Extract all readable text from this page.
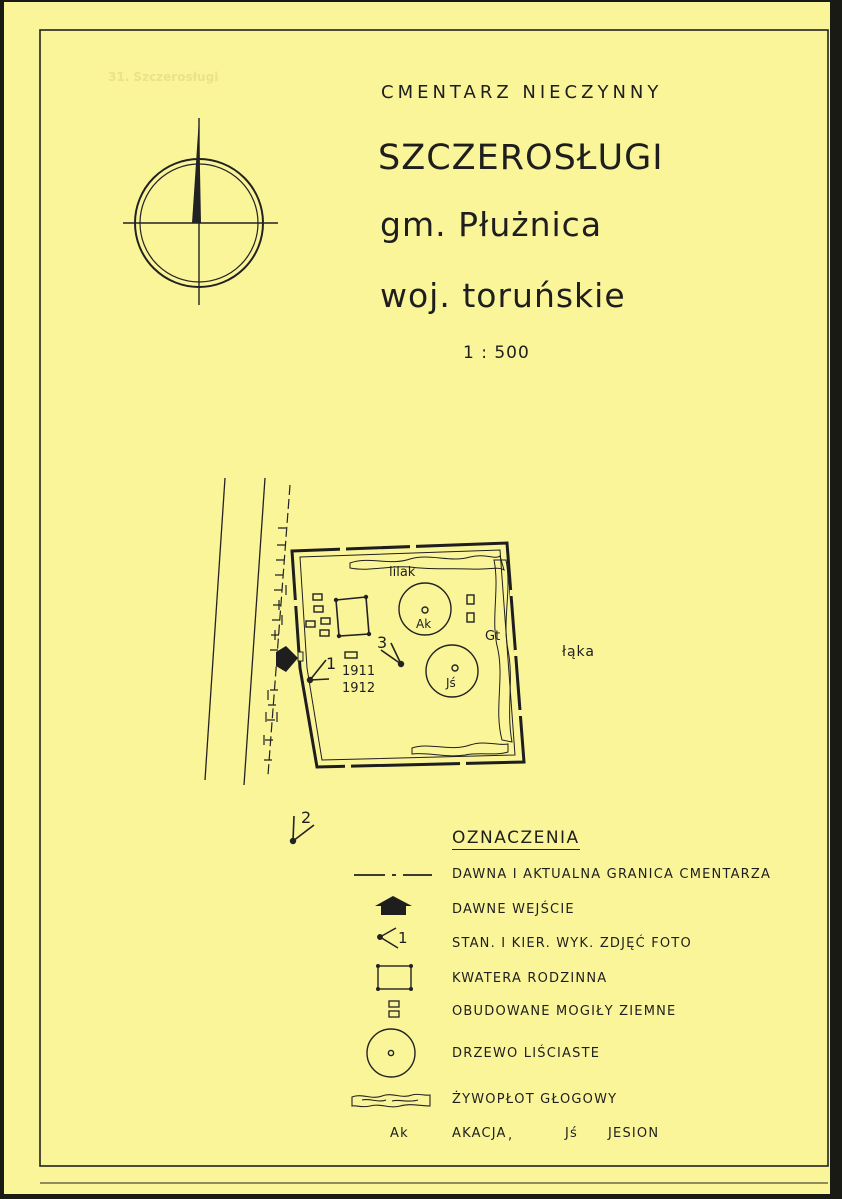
31. Szczerosługi
CMENTARZ NIECZYNNY
SZCZEROSŁUGI
gm. Płużnica
woj. toruńskie
1 : 500
lilak
Gt
łąka
Ak
Jś
1911
1912
1
3
2
OZNACZENIA
DAWNA I AKTUALNA GRANICA CMENTARZA
DAWNE WEJŚCIE
STAN. I KIER. WYK. ZDJĘĆ FOTO
1
KWATERA RODZINNA
OBUDOWANE MOGIŁY ZIEMNE
DRZEWO LIŚCIASTE
ŻYWOPŁOT GŁOGOWY
Ak	AKACJA ,	Jś JESION
